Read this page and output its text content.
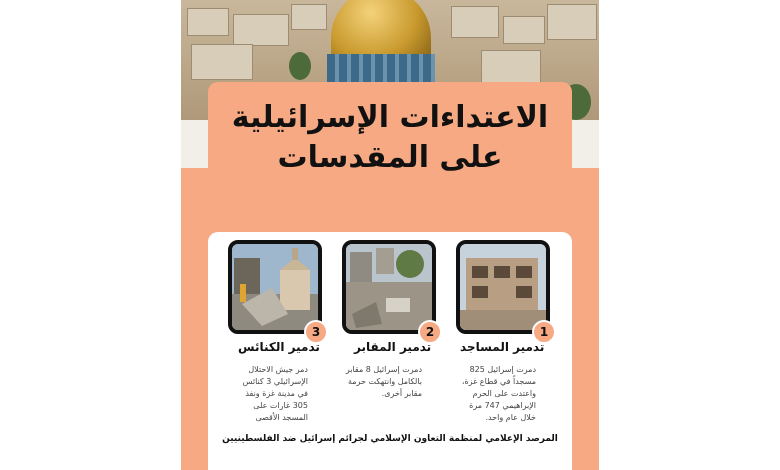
الاعتداءات الإسرائيلية
على المقدسات
3
تدمير الكنائس
دمر جيش الاحتلال الإسرائيلي 3 كنائس في مدينة غزة ونفذ 305 غارات على المسجد الأقصى
2
تدمير المقابر
دمرت إسرائيل 8 مقابر بالكامل وانتهكت حرمة مقابر أخرى.
1
تدمير المساجد
دمرت إسرائيل 825 مسجداً في قطاع غزة، واعتدت على الحرم الإبراهيمي 747 مرة خلال عام واحد.
المرصد الإعلامي لمنظمة التعاون الإسلامي لجرائم إسرائيل ضد الفلسطينيين
